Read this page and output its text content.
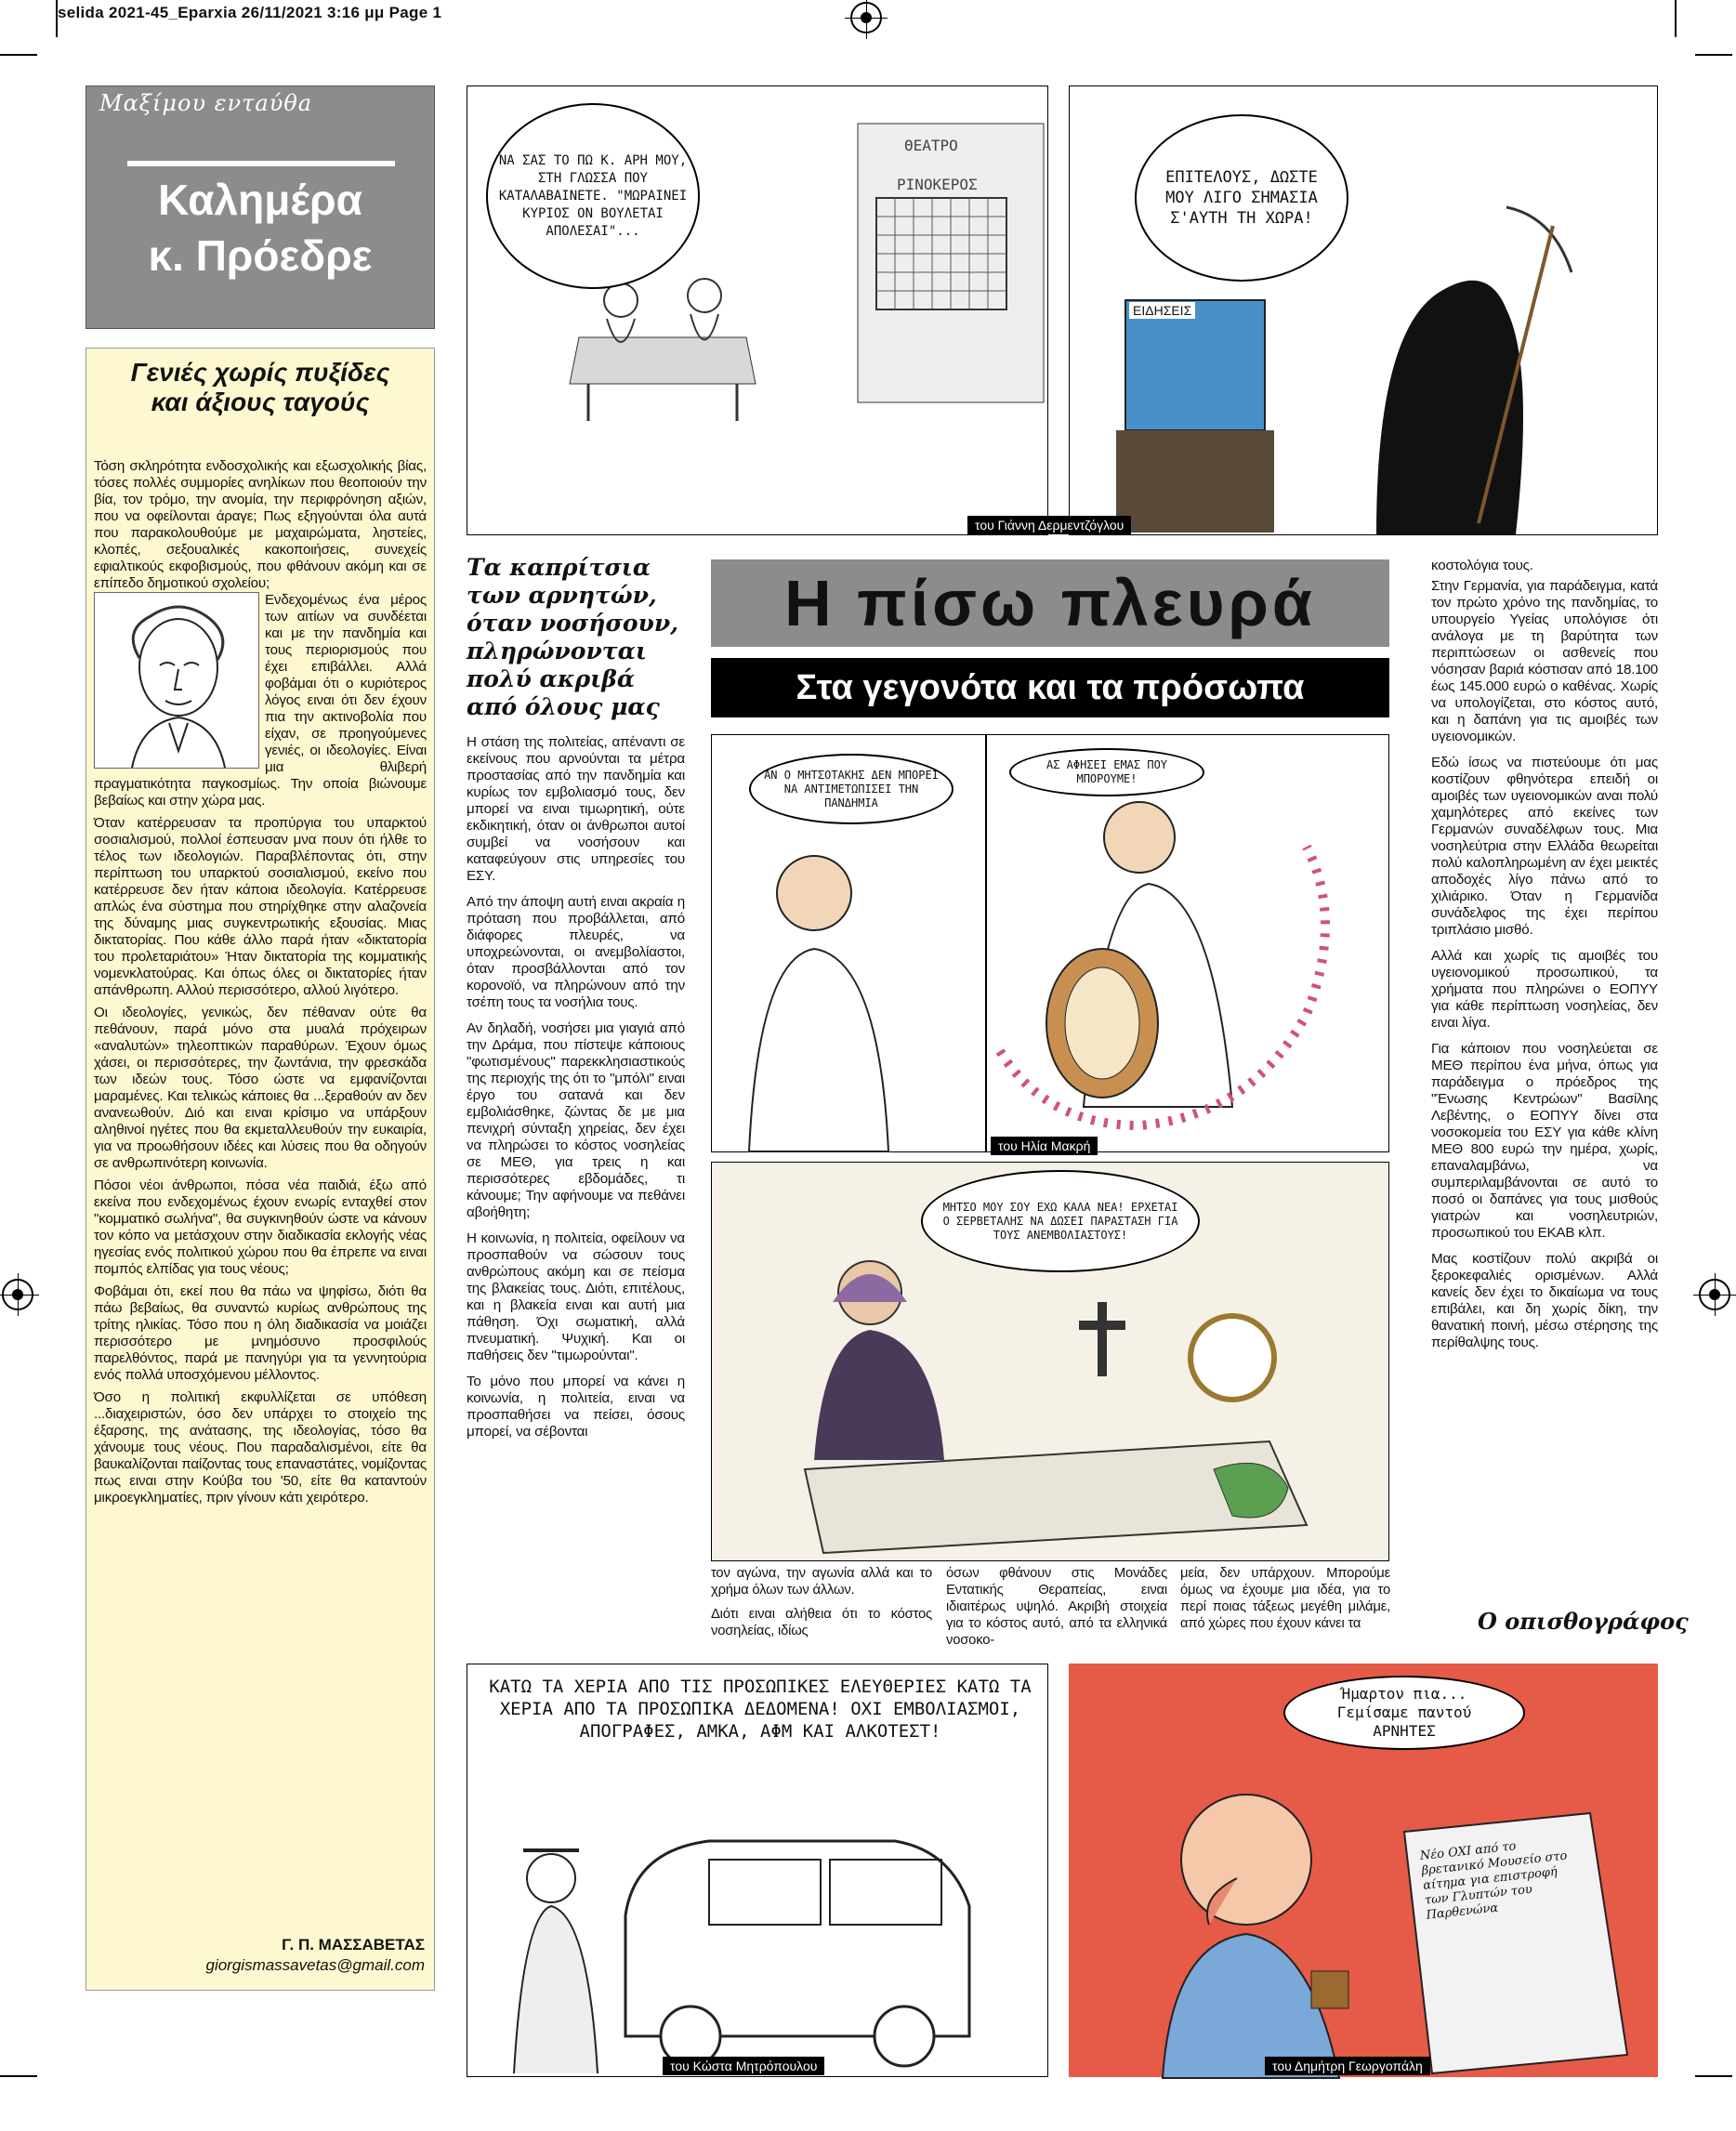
selida 2021-45_Eparxia 26/11/2021 3:16 μμ Page 1
Μαξίμου εντaύθa
Καλημέρα
κ. Πρόεδρε
Γενιές χωρίς πυξίδες και άξιους ταγούς

Τόση σκληρότητα ενδοσχολικής και εξωσχολικής βίας, τόσες πολλές συμμορίες ανηλίκων που θεοποιούν την βία, τον τρόμο, την ανομία, την περιφρόνηση αξιών, που να οφείλονται άραγε; Πως εξηγούνται όλα αυτά που παρακολουθούμε με μαχαιρώματα, ληστείες, κλοπές, σεξουαλικές κακοποιήσεις, συνεχείς εφιαλτικούς εκφοβισμούς, που φθάνουν ακόμη και σε επίπεδο δημοτικού σχολείου;

Ενδεχομένως ένα μέρος των αιτίων να συνδέεται και με την πανδημία και τους περιορισμούς που έχει επιβάλλει. Αλλά φοβάμαι ότι ο κυριότερος λόγος ειναι ότι δεν έχουν πια την ακτινοβολία που είχαν, σε προηγούμενες γενιές, οι ιδεολογίες. Είναι μια θλιβερή πραγματικότητα παγκοσμίως. Την οποία βιώνουμε βεβαίως και στην χώρα μας.

Όταν κατέρρευσαν τα προπύργια του υπαρκτού σοσιαλισμού, πολλοί έσπευσαν μνα πουν ότι ήλθε το τέλος των ιδεολογιών. Παραβλέποντας ότι, στην περίπτωση του υπαρκτού σοσιαλισμού, εκείνο που κατέρρευσε δεν ήταν κάποια ιδεολογία. Κατέρρευσε απλώς ένα σύστημα που στηρίχθηκε στην αλαζονεία της δύναμης μιας συγκεντρωτικής εξουσίας. Μιας δικτατορίας. Που κάθε άλλο παρά ήταν «δικτατορία του προλεταριάτου» Ήταν δικτατορία της κομματικής νομενκλατούρας. Και όπως όλες οι δικτατορίες ήταν απάνθρωπη. Αλλού περισσότερο, αλλού λιγότερο.

Οι ιδεολογίες, γενικώς, δεν πέθαναν ούτε θα πεθάνουν, παρά μόνο στα μυαλά πρόχειρων «αναλυτών» τηλεοπτικών παραθύρων. Έχουν όμως χάσει, οι περισσότερες, την ζωντάνια, την φρεσκάδα των ιδεών τους. Τόσο ώστε να εμφανίζονται μαραμένες. Και τελικώς κάποιες θα ...ξεραθούν αν δεν ανανεωθούν. Διό και ειναι κρίσιμο να υπάρξουν αληθινοί ηγέτες που θα εκμεταλλευθούν την ευκαιρία, για να προωθήσουν ιδέες και λύσεις που θα οδηγούν σε ανθρωπινότερη κοινωνία.

Πόσοι νέοι άνθρωποι, πόσα νέα παιδιά, έξω από εκείνα που ενδεχομένως έχουν ενωρίς ενταχθεί στον "κομματικό σωλήνα", θα συγκινηθούν ώστε να κάνουν τον κόπο να μετάσχουν στην διαδικασία εκλογής νέας ηγεσίας ενός πολιτικού χώρου που θα έπρεπε να ειναι πομπός ελπίδας για τους νέους;

Φοβάμαι ότι, εκεί που θα πάω να ψηφίσω, διότι θα πάω βεβαίως, θα συναντώ κυρίως ανθρώπους της τρίτης ηλικίας. Τόσο που η όλη διαδικασία να μοιάζει περισσότερο με μνημόσυνο προσφιλούς παρελθόντος, παρά με πανηγύρι για τα γεννητούρια ενός πολλά υποσχόμενου μέλλοντος.

Όσο η πολιτική εκφυλλίζεται σε υπόθεση ...διαχειριστών, όσο δεν υπάρχει το στοιχείο της έξαρσης, της ανάτασης, της ιδεολογίας, τόσο θα χάνουμε τους νέους. Που παραδαλισμένοι, είτε θα βαυκαλίζονται παίζοντας τους επαναστάτες, νομίζοντας πως ειναι στην Κούβα του '50, είτε θα καταντούν μικροεγκληματίες, πριν γίνουν κάτι χειρότερο.

Γ. Π. ΜΑΣΣΑΒΕΤΑΣ
giorgismassavetas@gmail.com
ΘΕΑΤΡΟ
ΡΙΝΟΚΕΡΟΣ
ΝΑ ΣΑΣ ΤΟ ΠΩ Κ. ΑΡΗ ΜΟΥ, ΣΤΗ ΓΛΩΣΣΑ ΠΟΥ ΚΑΤΑΛΑΒΑΙΝΕΤΕ. "ΜΩΡΑΙΝΕΙ ΚΥΡΙΟΣ ΟΝ ΒΟΥΛΕΤΑΙ ΑΠΟΛΕΣΑΙ"...
ΕΙΔΗΣΕΙΣ
ΕΠΙΤΕΛΟΥΣ, ΔΩΣΤΕ ΜΟΥ ΛΙΓΟ ΣΗΜΑΣΙΑ Σ'ΑΥΤΗ ΤΗ ΧΩΡΑ!
του Γιάννη Δερμεντζόγλου
Η πίσω πλευρά
Στα γεγονότα και τα πρόσωπα
Τα καπρίτσια των αρνητών, όταν νοσήσουν, πληρώνονται πολύ ακριβά από όλους μας

Η στάση της πολιτείας, απέναντι σε εκείνους που αρνούνται τα μέτρα προστασίας από την πανδημία και κυρίως τον εμβολιασμό τους, δεν μπορεί να ειναι τιμωρητική, ούτε εκδικητική, όταν οι άνθρωποι αυτοί συμβεί να νοσήσουν και καταφεύγουν στις υπηρεσίες του ΕΣΥ.

Από την άποψη αυτή ειναι ακραία η πρόταση που προβάλλεται, από διάφορες πλευρές, να υποχρεώνονται, οι ανεμβολίαστοι, όταν προσβάλλονται από τον κορονοϊό, να πληρώνουν από την τσέπη τους τα νοσήλια τους.

Αν δηλαδή, νοσήσει μια γιαγιά από την Δράμα, που πίστεψε κάποιους "φωτισμένους" παρεκκλησιαστικούς της περιοχής της ότι το "μπόλι" ειναι έργο του σατανά και δεν εμβολιάσθηκε, ζώντας δε με μια πενιχρή σύνταξη χηρείας, δεν έχει να πληρώσει το κόστος νοσηλείας σε ΜΕΘ, για τρεις η και περισσότερες εβδομάδες, τι κάνουμε; Την αφήνουμε να πεθάνει αβοήθητη;

Η κοινωνία, η πολιτεία, οφείλουν να προσπαθούν να σώσουν τους ανθρώπους ακόμη και σε πείσμα της βλακείας τους. Διότι, επιτέλους, και η βλακεία ειναι και αυτή μια πάθηση. Όχι σωματική, αλλά πνευματική. Ψυχική. Και οι παθήσεις δεν "τιμωρούνται".

Το μόνο που μπορεί να κάνει η κοινωνία, η πολιτεία, ειναι να προσπαθήσει να πείσει, όσους μπορεί, να σέβονται

ΑΝ Ο ΜΗΤΣΟΤΑΚΗΣ ΔΕΝ ΜΠΟΡΕΙ ΝΑ ΑΝΤΙΜΕΤΩΠΙΣΕΙ ΤΗΝ ΠΑΝΔΗΜΙΑ
ΑΣ ΑΦΗΣΕΙ ΕΜΑΣ ΠΟΥ ΜΠΟΡΟΥΜΕ!
του Ηλία Μακρή
ΜΗΤΣΟ ΜΟΥ ΣΟΥ ΕΧΩ ΚΑΛΑ ΝΕΑ! ΕΡΧΕΤΑΙ Ο ΣΕΡΒΕΤΑΛΗΣ ΝΑ ΔΩΣΕΙ ΠΑΡΑΣΤΑΣΗ ΓΙΑ ΤΟΥΣ ΑΝΕΜΒΟΛΙΑΣΤΟΥΣ!

κοστολόγια τους.

Στην Γερμανία, για παράδειγμα, κατά τον πρώτο χρόνο της πανδημίας, το υπουργείο Υγείας υπολόγισε ότι ανάλογα με τη βαρύτητα των περιπτώσεων οι ασθενείς που νόσησαν βαριά κόστισαν από 18.100 έως 145.000 ευρώ ο καθένας. Χωρίς να υπολογίζεται, στο κόστος αυτό, και η δαπάνη για τις αμοιβές των υγειονομικών.

Εδώ ίσως να πιστεύουμε ότι μας κοστίζουν φθηνότερα επειδή οι αμοιβές των υγειονομικών αναι πολύ χαμηλότερες από εκείνες των Γερμανών συναδέλφων τους. Μια νοσηλεύτρια στην Ελλάδα θεωρείται πολύ καλοπληρωμένη αν έχει μεικτές αποδοχές λίγο πάνω από το χιλιάρικο. Όταν η Γερμανίδα συνάδελφος της έχει περίπου τριπλάσιο μισθό.

Αλλά και χωρίς τις αμοιβές του υγειονομικού προσωπικού, τα χρήματα που πληρώνει ο ΕΟΠΥΥ για κάθε περίπτωση νοσηλείας, δεν ειναι λίγα.

Για κάποιον που νοσηλεύεται σε ΜΕΘ περίπου ένα μήνα, όπως για παράδειγμα ο πρόεδρος της "Ένωσης Κεντρώων" Βασίλης Λεβέντης, ο ΕΟΠΥΥ δίνει στα νοσοκομεία του ΕΣΥ για κάθε κλίνη ΜΕΘ 800 ευρώ την ημέρα, χωρίς, επαναλαμβάνω, να συμπεριλαμβάνονται σε αυτό το ποσό οι δαπάνες για τους μισθούς γιατρών και νοσηλευτριών, προσωπικού του ΕΚΑΒ κλπ.

Μας κοστίζουν πολύ ακριβά οι ξεροκεφαλιές ορισμένων. Αλλά κανείς δεν έχει το δικαίωμα να τους επιβάλει, και δη χωρίς δίκη, την θανατική ποινή, μέσω στέρησης της περίθαλψης τους.

Ο οπισθογράφος

τον αγώνα, την αγωνία αλλά και το χρήμα όλων των άλλων.

Διότι ειναι αλήθεια ότι το κόστος νοσηλείας, ιδίως

όσων φθάνουν στις Μονάδες Εντατικής Θεραπείας, ειναι ιδιαιτέρως υψηλό. Ακριβή στοιχεία για το κόστος αυτό, από τα ελληνικά νοσοκο-

μεία, δεν υπάρχουν. Μπορούμε όμως να έχουμε μια ιδέα, για το περί ποιας τάξεως μεγέθη μιλάμε, από χώρες που έχουν κάνει τα

ΚΑΤΩ ΤΑ ΧΕΡΙΑ ΑΠΟ ΤΙΣ ΠΡΟΣΩΠΙΚΕΣ ΕΛΕΥΘΕΡΙΕΣ ΚΑΤΩ ΤΑ ΧΕΡΙΑ ΑΠΟ ΤΑ ΠΡΟΣΩΠΙΚΑ ΔΕΔΟΜΕΝΑ! ΟΧΙ ΕΜΒΟΛΙΑΣΜΟΙ, ΑΠΟΓΡΑΦΕΣ, ΑΜΚΑ, ΑΦΜ ΚΑΙ ΑΛΚΟΤΕΣΤ!
του Κώστα Μητρόπουλου
Ήμαρτον πια... Γεμίσαμε παντού ΑΡΝΗΤΕΣ
Νέο ΟΧΙ από το βρετανικό Μουσείο στο αίτημα για επιστροφή των Γλυπτών του Παρθενώνα
του Δημήτρη Γεωργοπάλη
